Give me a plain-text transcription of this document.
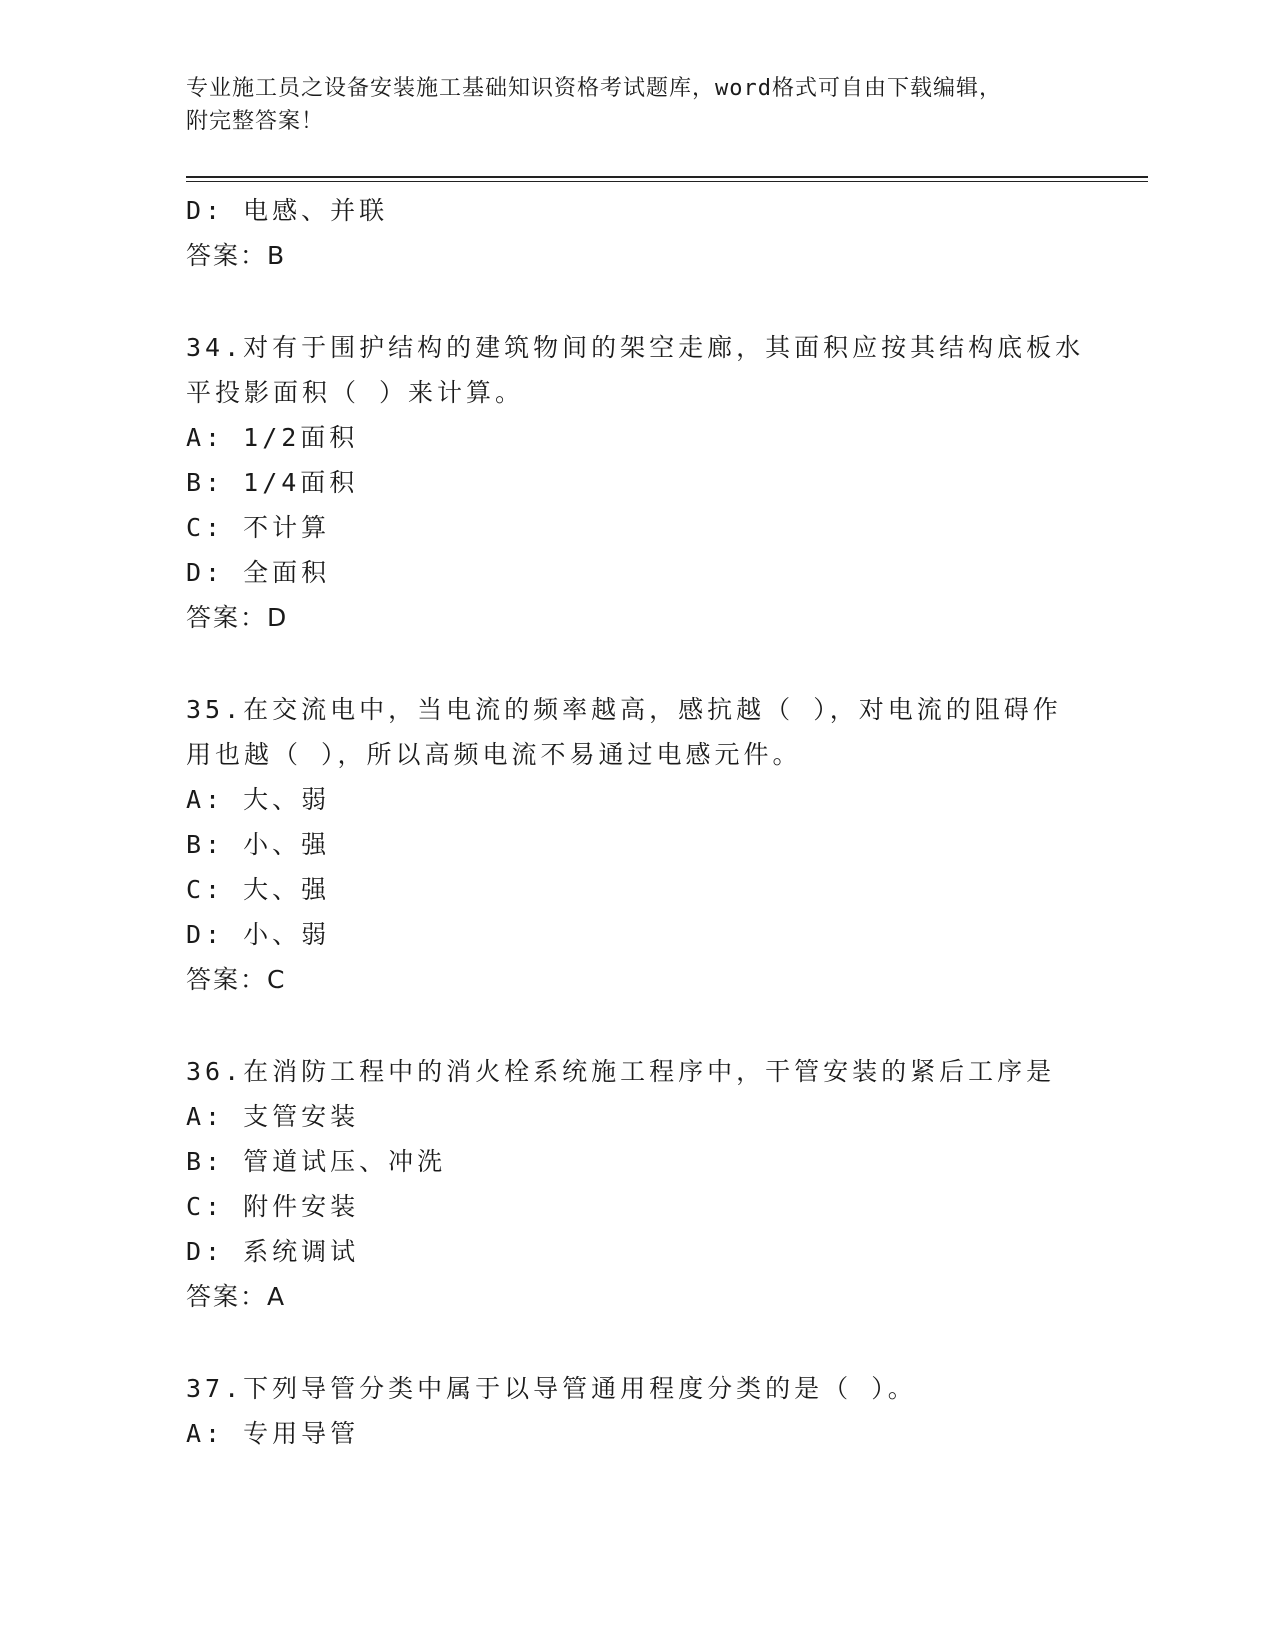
专业施工员之设备安装施工基础知识资格考试题库，word格式可自由下载编辑，
附完整答案！
D: 电感、并联
答案：B
34.对有于围护结构的建筑物间的架空走廊，其面积应按其结构底板水
平投影面积（ ）来计算。
A: 1/2面积
B: 1/4面积
C: 不计算
D: 全面积
答案：D
35.在交流电中，当电流的频率越高，感抗越（ ），对电流的阻碍作
用也越（ ），所以高频电流不易通过电感元件。
A: 大、弱
B: 小、强
C: 大、强
D: 小、弱
答案：C
36.在消防工程中的消火栓系统施工程序中，干管安装的紧后工序是
A: 支管安装
B: 管道试压、冲洗
C: 附件安装
D: 系统调试
答案：A
37.下列导管分类中属于以导管通用程度分类的是（ ）。
A: 专用导管
